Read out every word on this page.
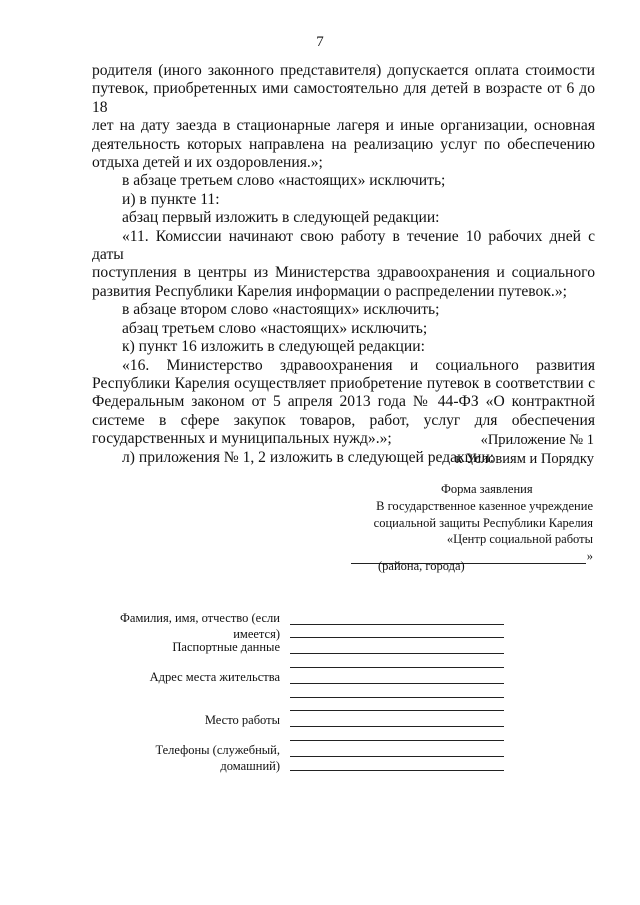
7

родителя (иного законного представителя) допускается оплата стоимости

путевок, приобретенных ими самостоятельно для детей в возрасте от 6 до 18

лет на дату заезда в стационарные лагеря и иные организации, основная

деятельность которых направлена на реализацию услуг по обеспечению

отдыха детей и их оздоровления.»;

в абзаце третьем слово «настоящих» исключить;

и) в пункте 11:

абзац первый изложить в следующей редакции:

«11. Комиссии начинают свою работу в течение 10 рабочих дней с даты

поступления в центры из Министерства здравоохранения и социального

развития Республики Карелия информации о распределении путевок.»;

в абзаце втором слово «настоящих» исключить;

абзац третьем слово «настоящих» исключить;

к) пункт 16 изложить в следующей редакции:

«16. Министерство здравоохранения и социального развития

Республики Карелия осуществляет приобретение путевок в соответствии с

Федеральным законом от 5 апреля 2013 года № 44-ФЗ «О контрактной

системе в сфере закупок товаров, работ, услуг для обеспечения

государственных и муниципальных нужд».»;

л) приложения № 1, 2 изложить в следующей редакции:

«Приложение № 1
к Условиям и Порядку
Форма заявления
В государственное казенное учреждение
социальной защиты Республики Карелия
«Центр социальной работы
»
(района, города)
Фамилия, имя, отчество (если
имеется)
Паспортные данные
Адрес места жительства
Место работы
Телефоны (служебный,
домашний)
